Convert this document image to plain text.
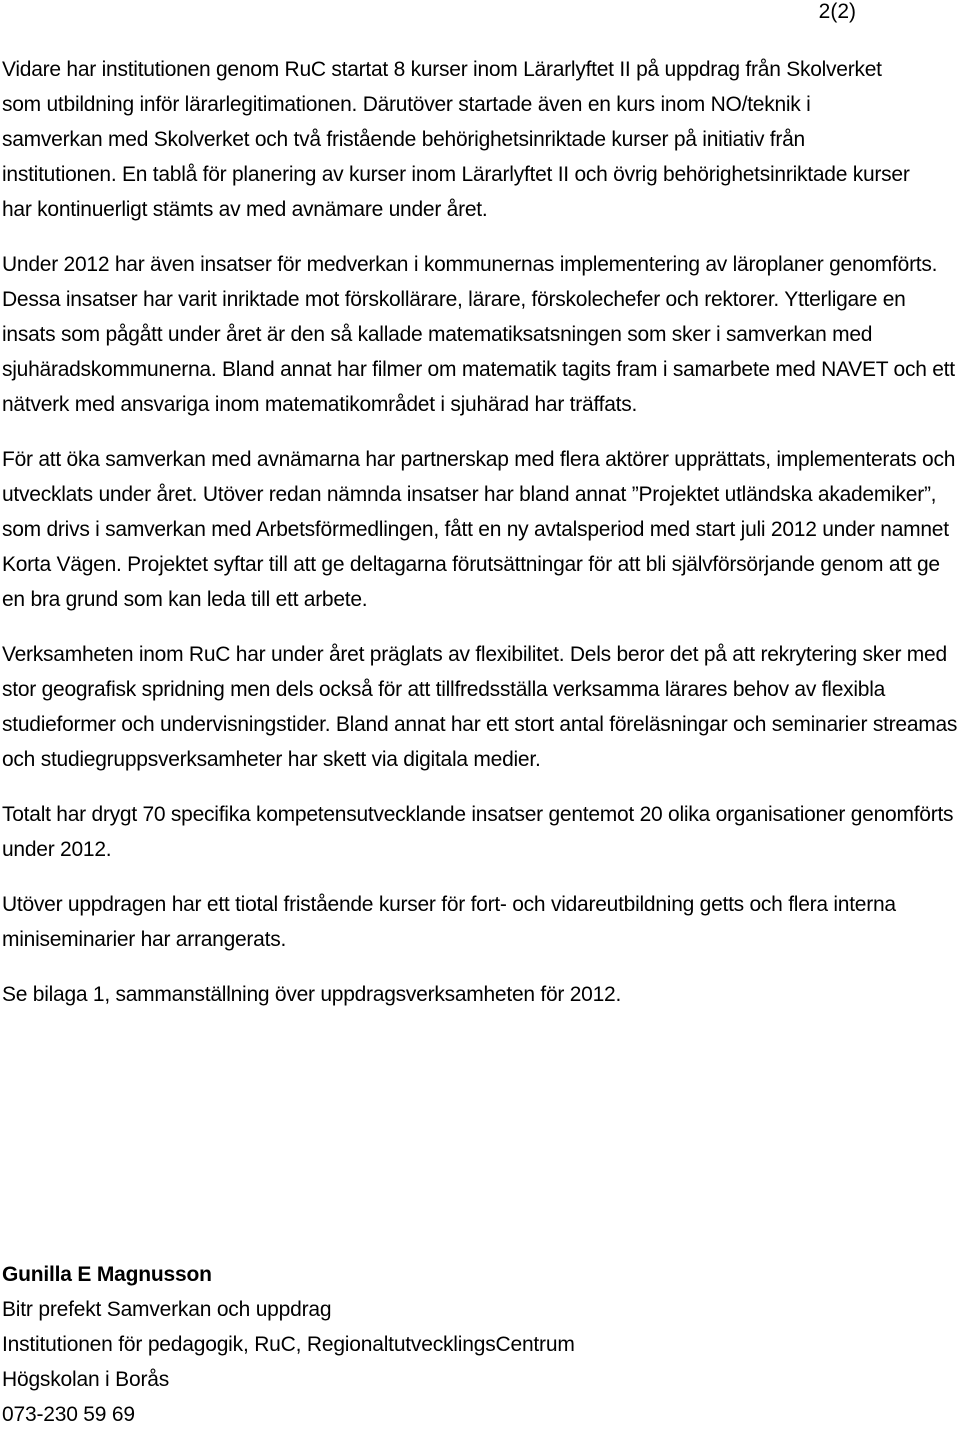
2(2)

Vidare har institutionen genom RuC startat 8 kurser inom Lärarlyftet II på uppdrag från Skolverket som utbildning inför lärarlegitimationen. Därutöver startade även en kurs inom NO/teknik i samverkan med Skolverket och två fristående behörighetsinriktade kurser på initiativ från institutionen. En tablå för planering av kurser inom Lärarlyftet II och övrig behörighetsinriktade kurser har kontinuerligt stämts av med avnämare under året.

Under 2012 har även insatser för medverkan i kommunernas implementering av läroplaner genomförts. Dessa insatser har varit inriktade mot förskollärare, lärare, förskolechefer och rektorer. Ytterligare en insats som pågått under året är den så kallade matematiksatsningen som sker i samverkan med sjuhäradskommunerna. Bland annat har filmer om matematik tagits fram i samarbete med NAVET och ett nätverk med ansvariga inom matematikområdet i sjuhärad har träffats.

För att öka samverkan med avnämarna har partnerskap med flera aktörer upprättats, implementerats och utvecklats under året. Utöver redan nämnda insatser har bland annat ”Projektet utländska akademiker”, som drivs i samverkan med Arbetsförmedlingen, fått en ny avtalsperiod med start juli 2012 under namnet Korta Vägen. Projektet syftar till att ge deltagarna förutsättningar för att bli självförsörjande genom att ge en bra grund som kan leda till ett arbete.

Verksamheten inom RuC har under året präglats av flexibilitet. Dels beror det på att rekrytering sker med stor geografisk spridning men dels också för att tillfredsställa verksamma lärares behov av flexibla studieformer och undervisningstider. Bland annat har ett stort antal föreläsningar och seminarier streamas och studiegruppsverksamheter har skett via digitala medier.

Totalt har drygt 70 specifika kompetensutvecklande insatser gentemot 20 olika organisationer genomförts under 2012.

Utöver uppdragen har ett tiotal fristående kurser för fort- och vidareutbildning getts och flera interna miniseminarier har arrangerats.

Se bilaga 1, sammanställning över uppdragsverksamheten för 2012.

Gunilla E Magnusson
Bitr prefekt Samverkan och uppdrag
Institutionen för pedagogik, RuC, RegionaltutvecklingsCentrum
Högskolan i Borås
073-230 59 69
